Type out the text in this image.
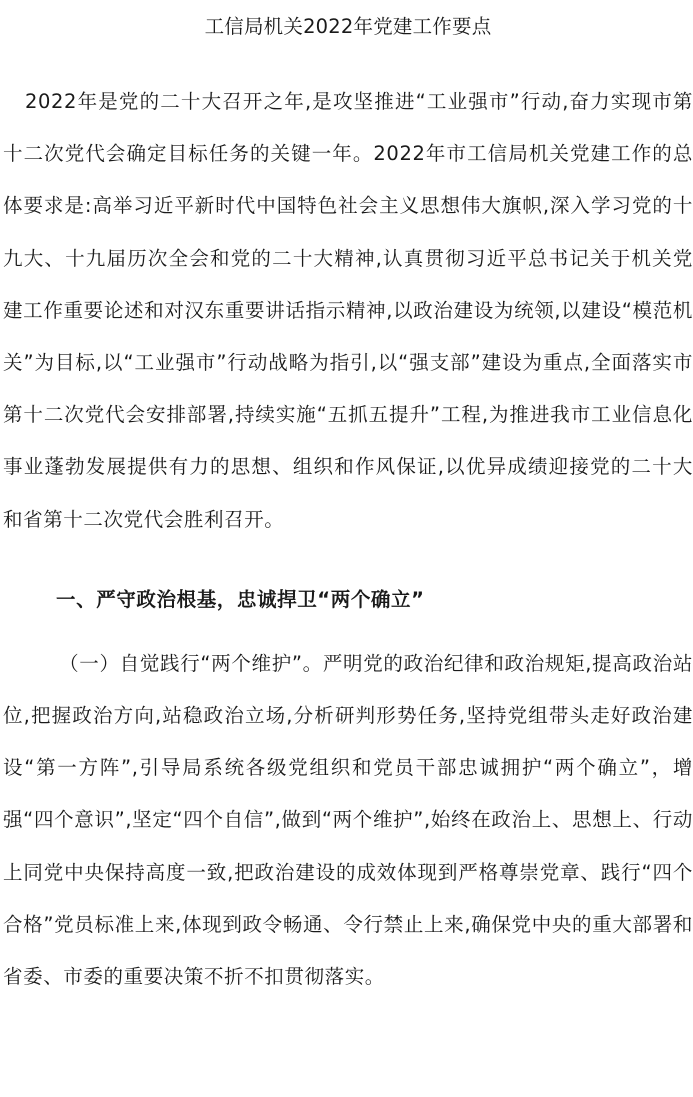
工信局机关2022年党建工作要点

2022年是党的二十大召开之年,是攻坚推进“工业强市”行动,奋力实现市第十二次党代会确定目标任务的关键一年。2022年市工信局机关党建工作的总体要求是:高举习近平新时代中国特色社会主义思想伟大旗帜,深入学习党的十九大、十九届历次全会和党的二十大精神,认真贯彻习近平总书记关于机关党建工作重要论述和对汉东重要讲话指示精神,以政治建设为统领,以建设“模范机关”为目标,以“工业强市”行动战略为指引,以“强支部”建设为重点,全面落实市第十二次党代会安排部署,持续实施“五抓五提升”工程,为推进我市工业信息化事业蓬勃发展提供有力的思想、组织和作风保证,以优异成绩迎接党的二十大和省第十二次党代会胜利召开。

一、严守政治根基，忠诚捍卫“两个确立”

（一）自觉践行“两个维护”。严明党的政治纪律和政治规矩,提高政治站位,把握政治方向,站稳政治立场,分析研判形势任务,坚持党组带头走好政治建设“第一方阵”,引导局系统各级党组织和党员干部忠诚拥护“两个确立”，增强“四个意识”,坚定“四个自信”,做到“两个维护”,始终在政治上、思想上、行动上同党中央保持高度一致,把政治建设的成效体现到严格尊崇党章、践行“四个合格”党员标准上来,体现到政令畅通、令行禁止上来,确保党中央的重大部署和省委、市委的重要决策不折不扣贯彻落实。
